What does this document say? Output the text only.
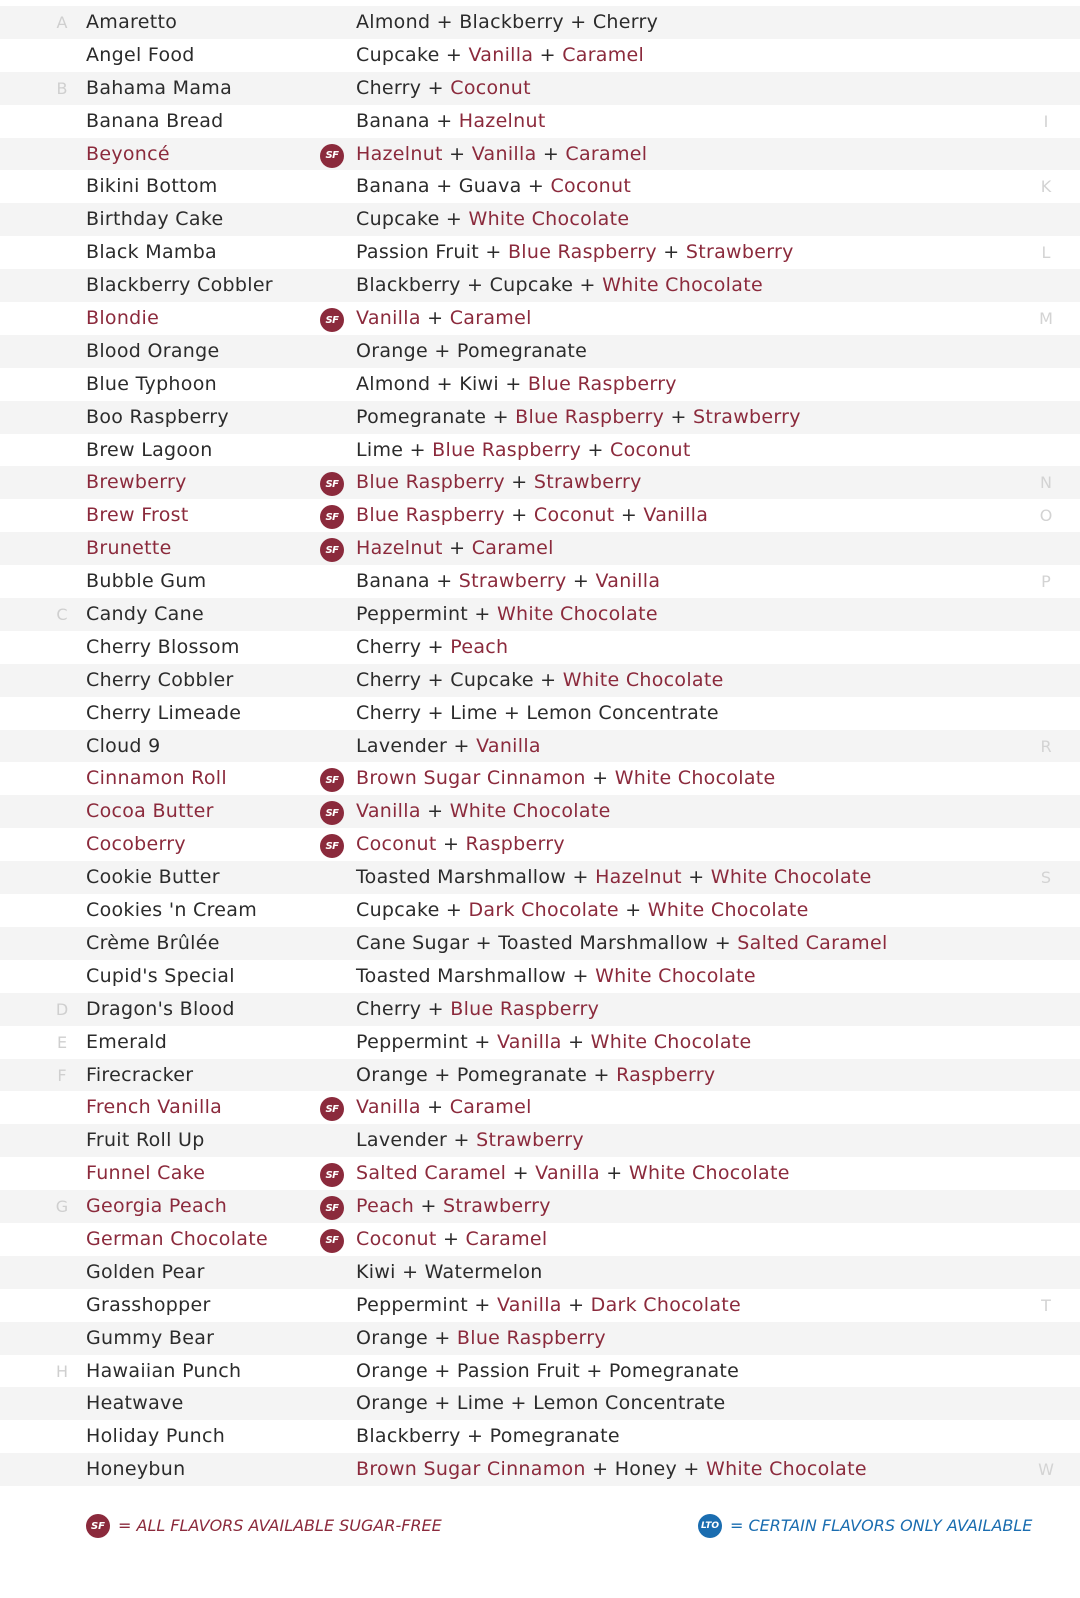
A Amaretto	Almond + Blackberry + Cherry
Angel Food	Cupcake + Vanilla + Caramel
B Bahama Mama	Cherry + Coconut
Banana Bread	Banana + Hazelnut	I
Beyoncé	SF Hazelnut + Vanilla + Caramel
Bikini Bottom	Banana + Guava + Coconut	K
Birthday Cake	Cupcake + White Chocolate
Black Mamba	Passion Fruit + Blue Raspberry + Strawberry	L
Blackberry Cobbler	Blackberry + Cupcake + White Chocolate
Blondie	SF Vanilla + Caramel	M
Blood Orange	Orange + Pomegranate
Blue Typhoon	Almond + Kiwi + Blue Raspberry
Boo Raspberry	Pomegranate + Blue Raspberry + Strawberry
Brew Lagoon	Lime + Blue Raspberry + Coconut
Brewberry	SF Blue Raspberry + Strawberry	N
Brew Frost	SF Blue Raspberry + Coconut + Vanilla	O
Brunette	SF Hazelnut + Caramel
Bubble Gum	Banana + Strawberry + Vanilla	P
C Candy Cane	Peppermint + White Chocolate
Cherry Blossom	Cherry + Peach
Cherry Cobbler	Cherry + Cupcake + White Chocolate
Cherry Limeade	Cherry + Lime + Lemon Concentrate
Cloud 9	Lavender + Vanilla	R
Cinnamon Roll	SF Brown Sugar Cinnamon + White Chocolate
Cocoa Butter	SF Vanilla + White Chocolate
Cocoberry	SF Coconut + Raspberry
Cookie Butter	Toasted Marshmallow + Hazelnut + White Chocolate	S
Cookies 'n Cream	Cupcake + Dark Chocolate + White Chocolate
Crème Brûlée	Cane Sugar + Toasted Marshmallow + Salted Caramel
Cupid's Special	Toasted Marshmallow + White Chocolate
D Dragon's Blood	Cherry + Blue Raspberry
E Emerald	Peppermint + Vanilla + White Chocolate
F Firecracker	Orange + Pomegranate + Raspberry
French Vanilla	SF Vanilla + Caramel
Fruit Roll Up	Lavender + Strawberry
Funnel Cake	SF Salted Caramel + Vanilla + White Chocolate
G Georgia Peach	SF Peach + Strawberry
German Chocolate	SF Coconut + Caramel
Golden Pear	Kiwi + Watermelon
Grasshopper	Peppermint + Vanilla + Dark Chocolate	T
Gummy Bear	Orange + Blue Raspberry
H Hawaiian Punch	Orange + Passion Fruit + Pomegranate
Heatwave	Orange + Lime + Lemon Concentrate
Holiday Punch	Blackberry + Pomegranate
Honeybun	Brown Sugar Cinnamon + Honey + White Chocolate	W
SF = ALL FLAVORS AVAILABLE SUGAR-FREE	LTO = CERTAIN FLAVORS ONLY AVAILABLE
